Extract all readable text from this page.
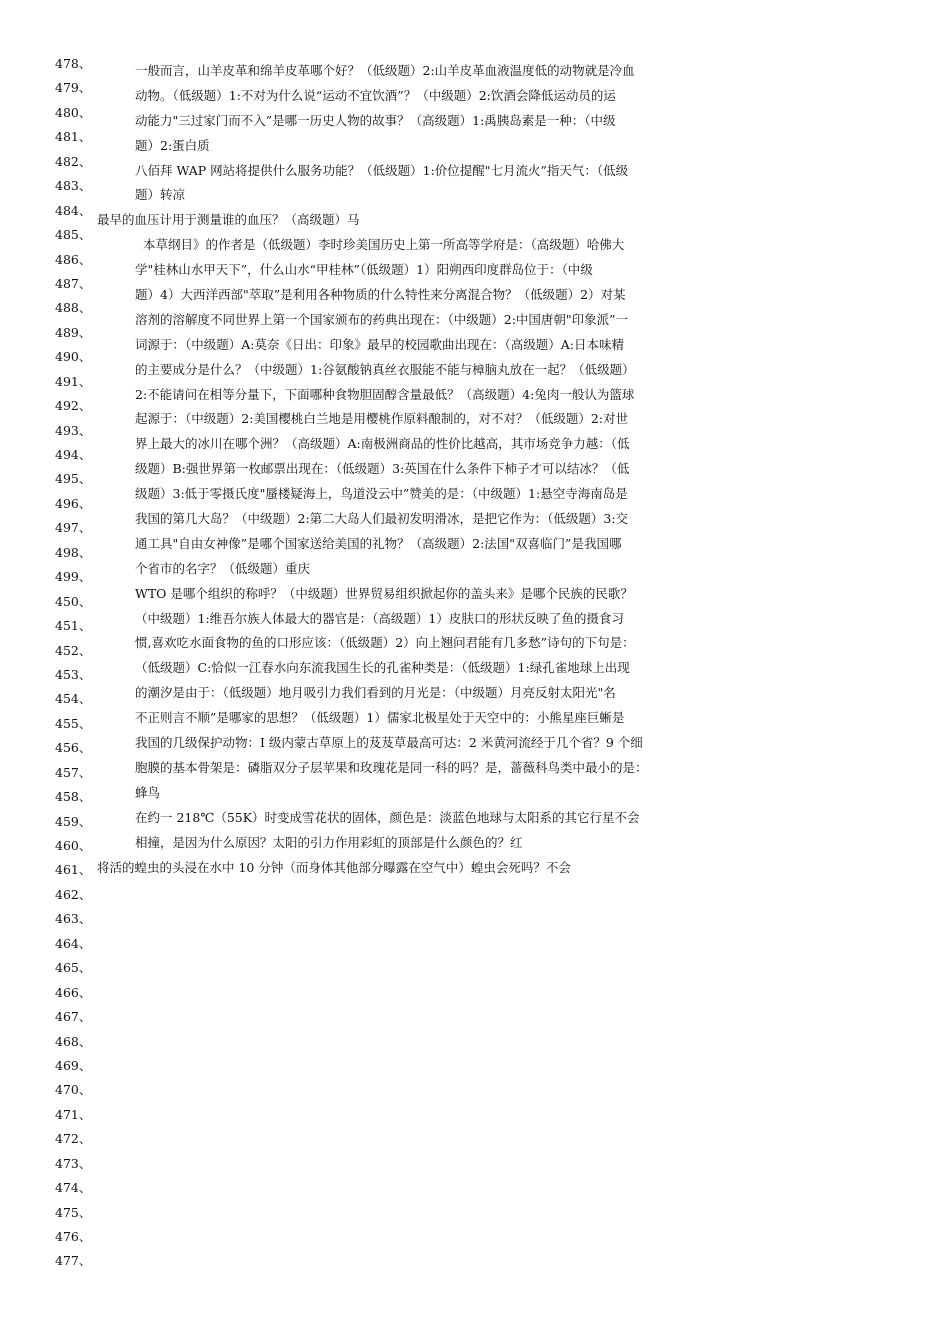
478、
479、
480、
481、
482、
483、
484、
485、
486、
487、
488、
489、
490、
491、
492、
493、
494、
495、
496、
497、
498、
499、
450、
451、
452、
453、
454、
455、
456、
457、
458、
459、
460、
461、
462、
463、
464、
465、
466、
467、
468、
469、
470、
471、
472、
473、
474、
475、
476、
477、
一般而言，山羊皮革和绵羊皮革哪个好？（低级题）2:山羊皮革血液温度低的动物就是冷血
动物。（低级题）1:不对为什么说“运动不宜饮酒”？（中级题）2:饮酒会降低运动员的运
动能力"三过家门而不入”是哪一历史人物的故事？（高级题）1:禹胰岛素是一种：（中级
题）2:蛋白质
八佰拜 WAP 网站将提供什么服务功能？（低级题）1:价位提醒"七月流火”指天气：（低级
题）转凉
最早的血压计用于测量谁的血压？（高级题）马
本草纲目》的作者是（低级题）李时珍美国历史上第一所高等学府是：（高级题）哈佛大
学"桂林山水甲天下”，什么山水“甲桂林”（低级题）1）阳朔西印度群岛位于：（中级
题）4）大西洋西部"萃取”是利用各种物质的什么特性来分离混合物？（低级题）2）对某
溶剂的溶解度不同世界上第一个国家颁布的药典出现在：（中级题）2:中国唐朝"印象派”一
词源于：（中级题）A:莫奈《日出：印象》最早的校园歌曲出现在：（高级题）A:日本味精
的主要成分是什么？（中级题）1:谷氨酸钠真丝衣服能不能与樟脑丸放在一起？（低级题）
2:不能请问在相等分量下，下面哪种食物胆固醇含量最低？（高级题）4:兔肉一般认为篮球
起源于：（中级题）2:美国樱桃白兰地是用樱桃作原料酿制的，对不对？（低级题）2:对世
界上最大的冰川在哪个洲？（高级题）A:南极洲商品的性价比越高，其市场竞争力越：（低
级题）B:强世界第一枚邮票出现在：（低级题）3:英国在什么条件下柿子才可以结冰？（低
级题）3:低于零摄氏度"蜃楼疑海上，鸟道没云中”赞美的是：（中级题）1:悬空寺海南岛是
我国的第几大岛？（中级题）2:第二大岛人们最初发明滑冰，是把它作为：（低级题）3:交
通工具"自由女神像”是哪个国家送给美国的礼物？（高级题）2:法国"双喜临门”是我国哪
个省市的名字？（低级题）重庆
WTO 是哪个组织的称呼？（中级题）世界贸易组织掀起你的盖头来》是哪个民族的民歌？
（中级题）1:维吾尔族人体最大的器官是：（高级题）1）皮肤口的形状反映了鱼的摄食习
惯,喜欢吃水面食物的鱼的口形应该：（低级题）2）向上翘问君能有几多愁”诗句的下句是：
（低级题）C:恰似一江春水向东流我国生长的孔雀种类是：（低级题）1:绿孔雀地球上出现
的潮汐是由于：（低级题）地月吸引力我们看到的月光是：（中级题）月亮反射太阳光"名
不正则言不顺”是哪家的思想？（低级题）1）儒家北极星处于天空中的：小熊星座巨蜥是
我国的几级保护动物：I 级内蒙古草原上的芨芨草最高可达：2 米黄河流经于几个省？9 个细
胞膜的基本骨架是：磷脂双分子层苹果和玫瑰花是同一科的吗？是，蔷薇科鸟类中最小的是：
蜂鸟
在约一 218℃（55K）时变成雪花状的固体，颜色是：淡蓝色地球与太阳系的其它行星不会
相撞，是因为什么原因？太阳的引力作用彩虹的顶部是什么颜色的？红
将活的蝗虫的头浸在水中 10 分钟（而身体其他部分曝露在空气中）蝗虫会死吗？不会
